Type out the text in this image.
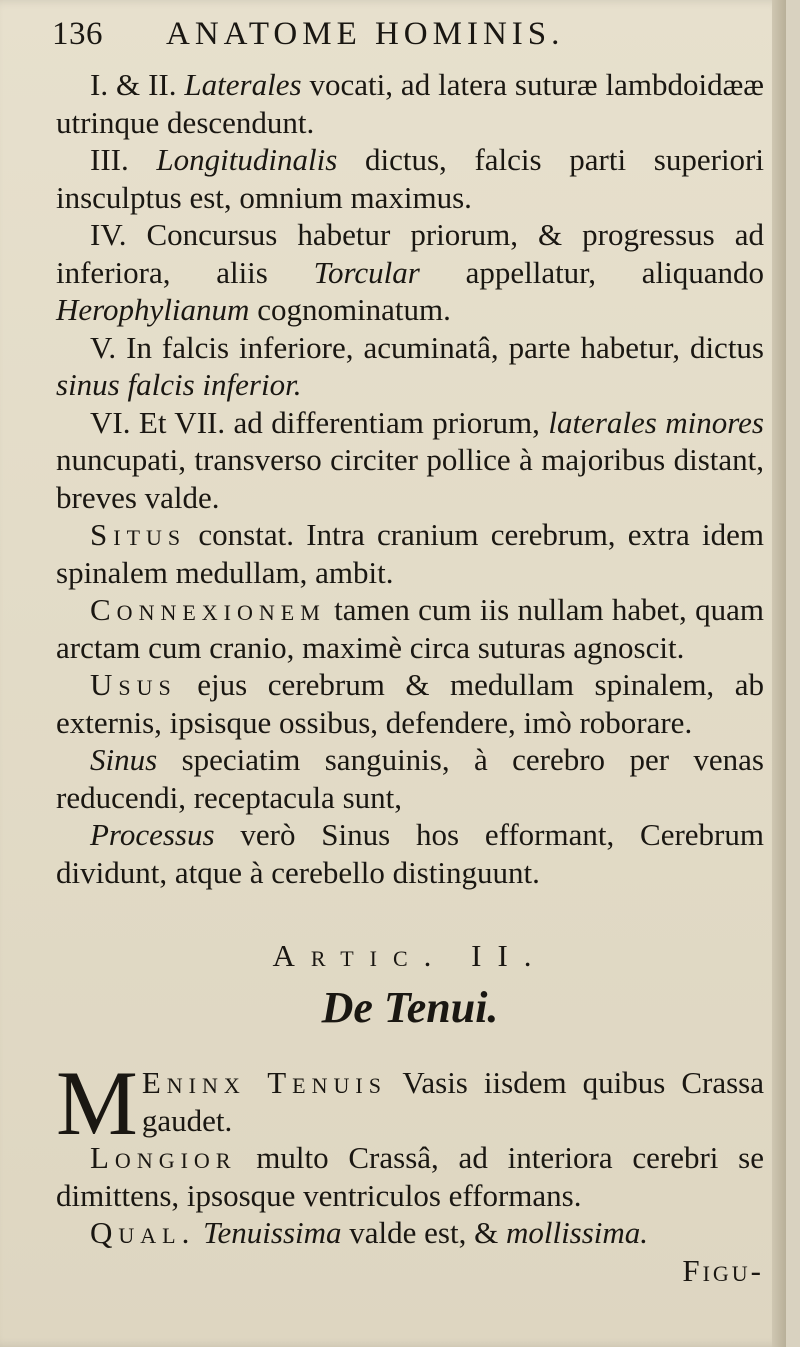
136	ANATOME HOMINIS.

I. & II. Laterales vocati, ad latera suturæ lambdoidææ utrinque descendunt.

III. Longitudinalis dictus, falcis parti superiori insculptus est, omnium maximus.

IV. Concursus habetur priorum, & progressus ad inferiora, aliis Torcular appellatur, aliquando Herophylianum cognominatum.

V. In falcis inferiore, acuminatâ, parte habetur, dictus sinus falcis inferior.

VI. Et VII. ad differentiam priorum, laterales minores nuncupati, transverso circiter pollice à majoribus distant, breves valde.

Situs constat. Intra cranium cerebrum, extra idem spinalem medullam, ambit.

Connexionem tamen cum iis nullam habet, quam arctam cum cranio, maximè circa suturas agnoscit.

Usus ejus cerebrum & medullam spinalem, ab externis, ipsisque ossibus, defendere, imò roborare.

Sinus speciatim sanguinis, à cerebro per venas reducendi, receptacula sunt,

Processus verò Sinus hos efformant, Cerebrum dividunt, atque à cerebello distinguunt.

Artic. II.
De Tenui.

M Eninx Tenuis Vasis iisdem quibus Crassa gaudet.

Longior multo Crassâ, ad interiora cerebri se dimittens, ipsosque ventriculos efformans.

Qual. Tenuissima valde est, & mollissima.

Figu-
